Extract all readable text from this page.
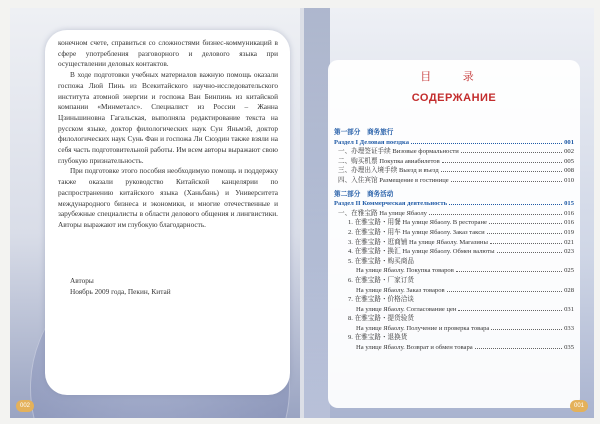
конечном счете, справиться со сложностями бизнес-коммуникаций в сфере употребления разговорного и делового языка при осуществлении деловых контактов.

В ходе подготовки учебных материалов важную помощь оказали госпожа Люй Пинь из Всекитайского научно-исследовательского института атомной энергии и госпожа Ван Бинпинь из китайской компании «Минметалс». Специалист из России – Жанна Цзиньшиновна Гагальская, выполняла редактирование текста на русском языке, доктор филологических наук Сун Яньмэй, доктор филологических наук Сунь Фан и госпожа Ли Сюэдин также взяли на себя часть подготовительной работы. Им всем авторы выражают свою глубокую признательность.

При подготовке этого пособия необходимую помощь и поддержку также оказали руководство Китайской канцелярии по распространению китайского языка (Ханьбань) и Университета международного бизнеса и экономики, и многие отечественные и зарубежные специалисты в области делового общения и лингвистики. Авторы выражают им глубокую благодарность.

Авторы
Ноябрь 2009 года, Пекин, Китай
002
目 录
СОДЕРЖАНИЕ
第一部分　商务旅行
Раздел I Деловая поездка	001
一、办理签证手续 Визовые формальности	002
二、购买机票 Покупка авиабилетов	005
三、办理出入境手续 Выезд и въезд	008
四、入住宾馆 Размещение в гостинице	010
第二部分　商务活动
Раздел II Коммерческая деятельность	015
一、在雅宝路 На улице Ябаолу	016
1. 在雅宝路・用餐 На улице Ябаолу. В ресторане	016
2. 在雅宝路・用车 На улице Ябаолу. Заказ такси	019
3. 在雅宝路・逛商铺 На улице Ябаолу. Магазины	021
4. 在雅宝路・换汇 На улице Ябаолу. Обмен валюты	023
5. 在雅宝路・购买商品
На улице Ябаолу. Покупка товаров	025
6. 在雅宝路・厂家订货
На улице Ябаолу. Заказ товаров	028
7. 在雅宝路・价格洽谈
На улице Ябаолу. Согласование цен	031
8. 在雅宝路・提货验货
На улице Ябаолу. Получение и проверка товара	033
9. 在雅宝路・退换货
На улице Ябаолу. Возврат и обмен товара	035
001
